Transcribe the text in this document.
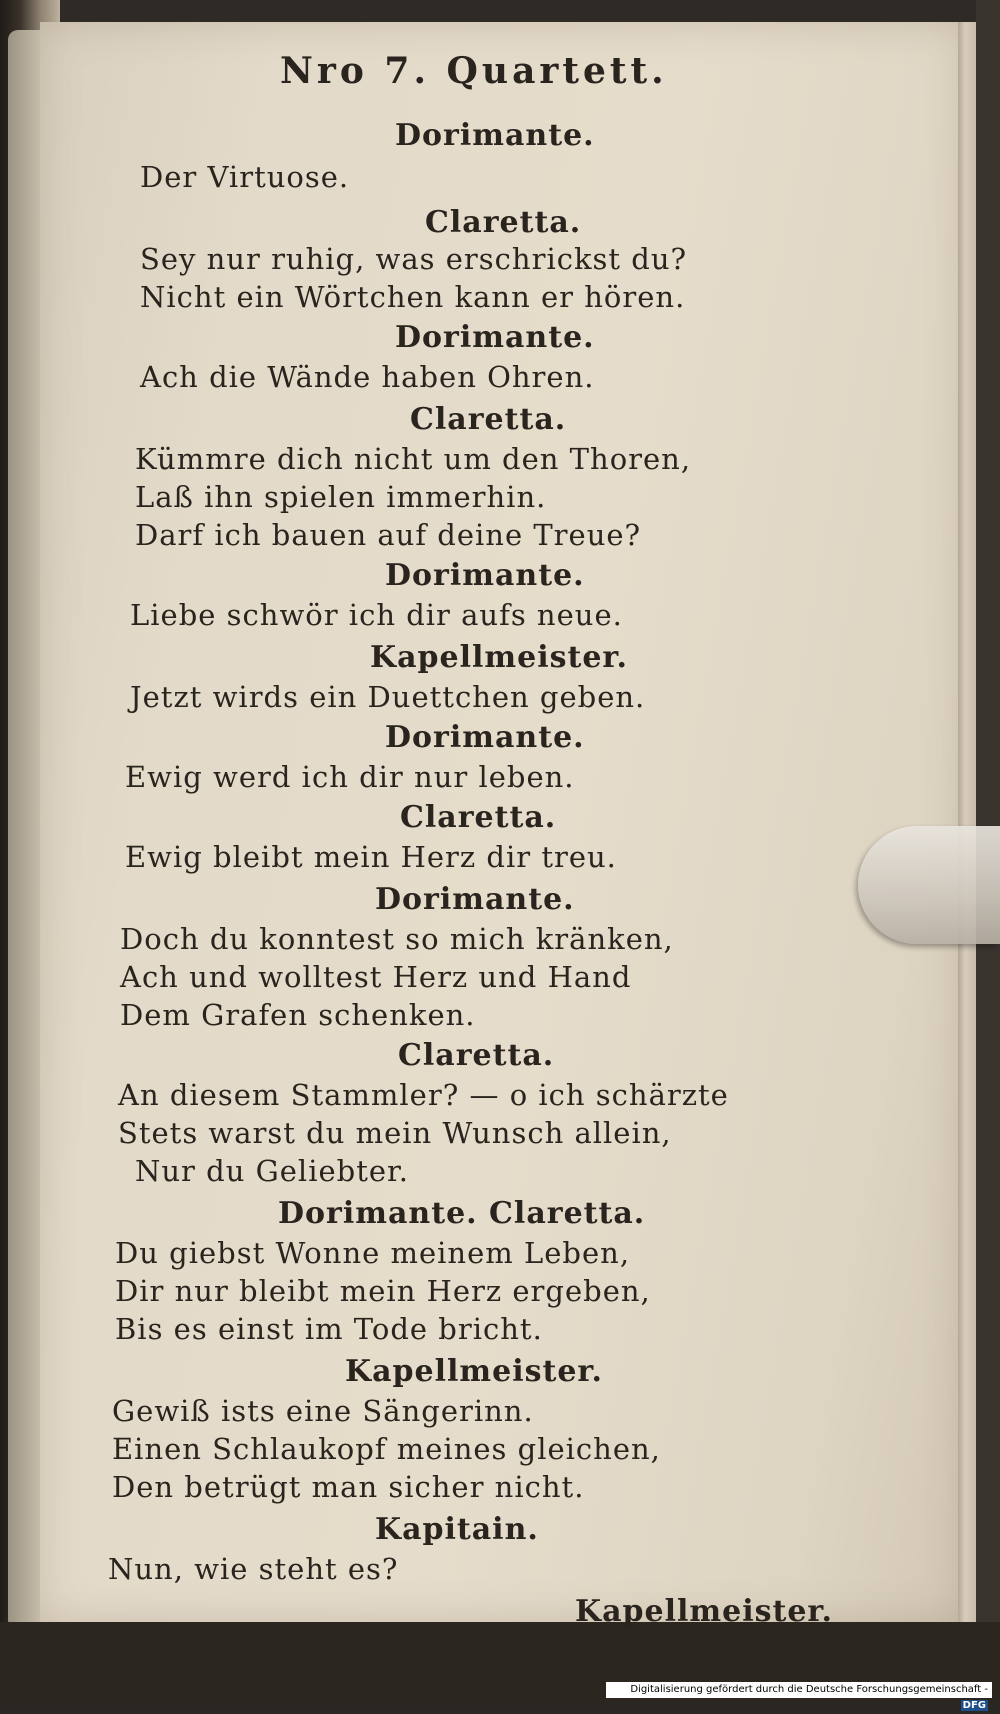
Nro 7. Quartett.
Dorimante.
Der Virtuose.
Claretta.
Sey nur ruhig, was erschrickst du?
Nicht ein Wörtchen kann er hören.
Dorimante.
Ach die Wände haben Ohren.
Claretta.
Kümmre dich nicht um den Thoren,
Laß ihn spielen immerhin.
Darf ich bauen auf deine Treue?
Dorimante.
Liebe schwör ich dir aufs neue.
Kapellmeister.
Jetzt wirds ein Duettchen geben.
Dorimante.
Ewig werd ich dir nur leben.
Claretta.
Ewig bleibt mein Herz dir treu.
Dorimante.
Doch du konntest so mich kränken,
Ach und wolltest Herz und Hand
Dem Grafen schenken.
Claretta.
An diesem Stammler? — o ich schärzte
Stets warst du mein Wunsch allein,
Nur du Geliebter.
Dorimante. Claretta.
Du giebst Wonne meinem Leben,
Dir nur bleibt mein Herz ergeben,
Bis es einst im Tode bricht.
Kapellmeister.
Gewiß ists eine Sängerinn.
Einen Schlaukopf meines gleichen,
Den betrügt man sicher nicht.
Kapitain.
Nun, wie steht es?
Kapellmeister.
Digitalisierung gefördert durch die Deutsche Forschungsgemeinschaft - DFG
